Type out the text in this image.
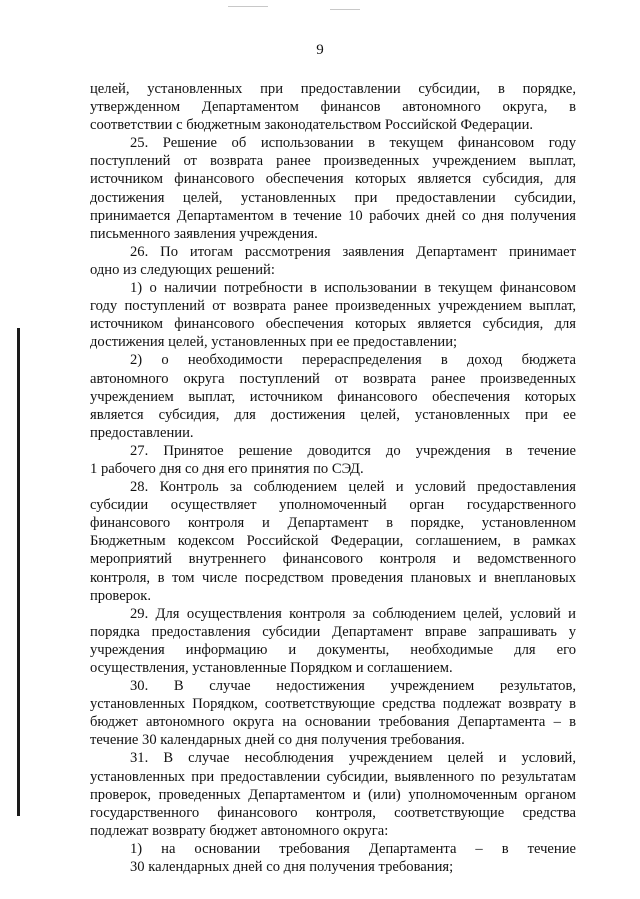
9
целей, установленных при предоставлении субсидии, в порядке,
утвержденном Департаментом финансов автономного округа, в
соответствии с бюджетным законодательством Российской Федерации.
25. Решение об использовании в текущем финансовом году
поступлений от возврата ранее произведенных учреждением выплат,
источником финансового обеспечения которых является субсидия, для
достижения целей, установленных при предоставлении субсидии,
принимается Департаментом в течение 10 рабочих дней со дня получения
письменного заявления учреждения.
26. По итогам рассмотрения заявления Департамент принимает
одно из следующих решений:
1) о наличии потребности в использовании в текущем финансовом
году поступлений от возврата ранее произведенных учреждением выплат,
источником финансового обеспечения которых является субсидия, для
достижения целей, установленных при ее предоставлении;
2) о необходимости перераспределения в доход бюджета
автономного округа поступлений от возврата ранее произведенных
учреждением выплат, источником финансового обеспечения которых
является субсидия, для достижения целей, установленных при ее
предоставлении.
27. Принятое решение доводится до учреждения в течение
1 рабочего дня со дня его принятия по СЭД.
28. Контроль за соблюдением целей и условий предоставления
субсидии осуществляет уполномоченный орган государственного
финансового контроля и Департамент в порядке, установленном
Бюджетным кодексом Российской Федерации, соглашением, в рамках
мероприятий внутреннего финансового контроля и ведомственного
контроля, в том числе посредством проведения плановых и внеплановых
проверок.
29. Для осуществления контроля за соблюдением целей, условий и
порядка предоставления субсидии Департамент вправе запрашивать у
учреждения информацию и документы, необходимые для его
осуществления, установленные Порядком и соглашением.
30. В случае недостижения учреждением результатов,
установленных Порядком, соответствующие средства подлежат возврату в
бюджет автономного округа на основании требования Департамента – в
течение 30 календарных дней со дня получения требования.
31. В случае несоблюдения учреждением целей и условий,
установленных при предоставлении субсидии, выявленного по результатам
проверок, проведенных Департаментом и (или) уполномоченным органом
государственного финансового контроля, соответствующие средства
подлежат возврату бюджет автономного округа:
1) на основании требования Департамента – в течение
30 календарных дней со дня получения требования;
